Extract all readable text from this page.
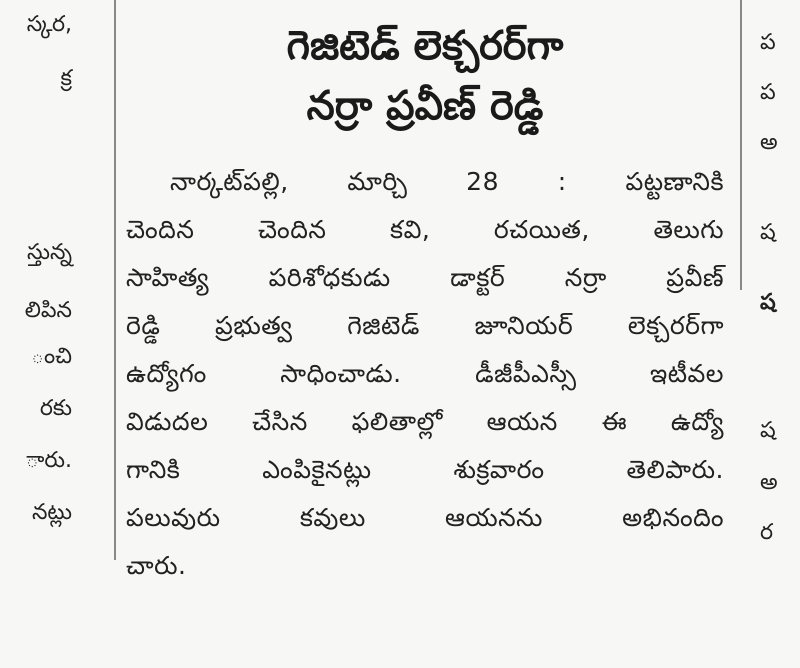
స్కర,
క్ర
స్తున్న
లిపిన
ంచి
రకు
ారు.
నట్లు
ప
ప
అ
ష
ష
ష
అ
ర
గెజిటెడ్ లెక్చరర్‌గా
నర్రా ప్రవీణ్ రెడ్డి
నార్కట్‌పల్లి, మార్చి 28 : పట్టణానికి
చెందిన చెందిన కవి, రచయిత, తెలుగు
సాహిత్య పరిశోధకుడు డాక్టర్ నర్రా ప్రవీణ్
రెడ్డి ప్రభుత్వ గెజిటెడ్ జూనియర్ లెక్చరర్‌గా
ఉద్యోగం సాధించాడు. డీజీపీఎస్సీ ఇటీవల
విడుదల చేసిన ఫలితాల్లో ఆయన ఈ ఉద్యో
గానికి ఎంపికైనట్లు శుక్రవారం తెలిపారు.
పలువురు కవులు ఆయనను అభినందిం
చారు.
